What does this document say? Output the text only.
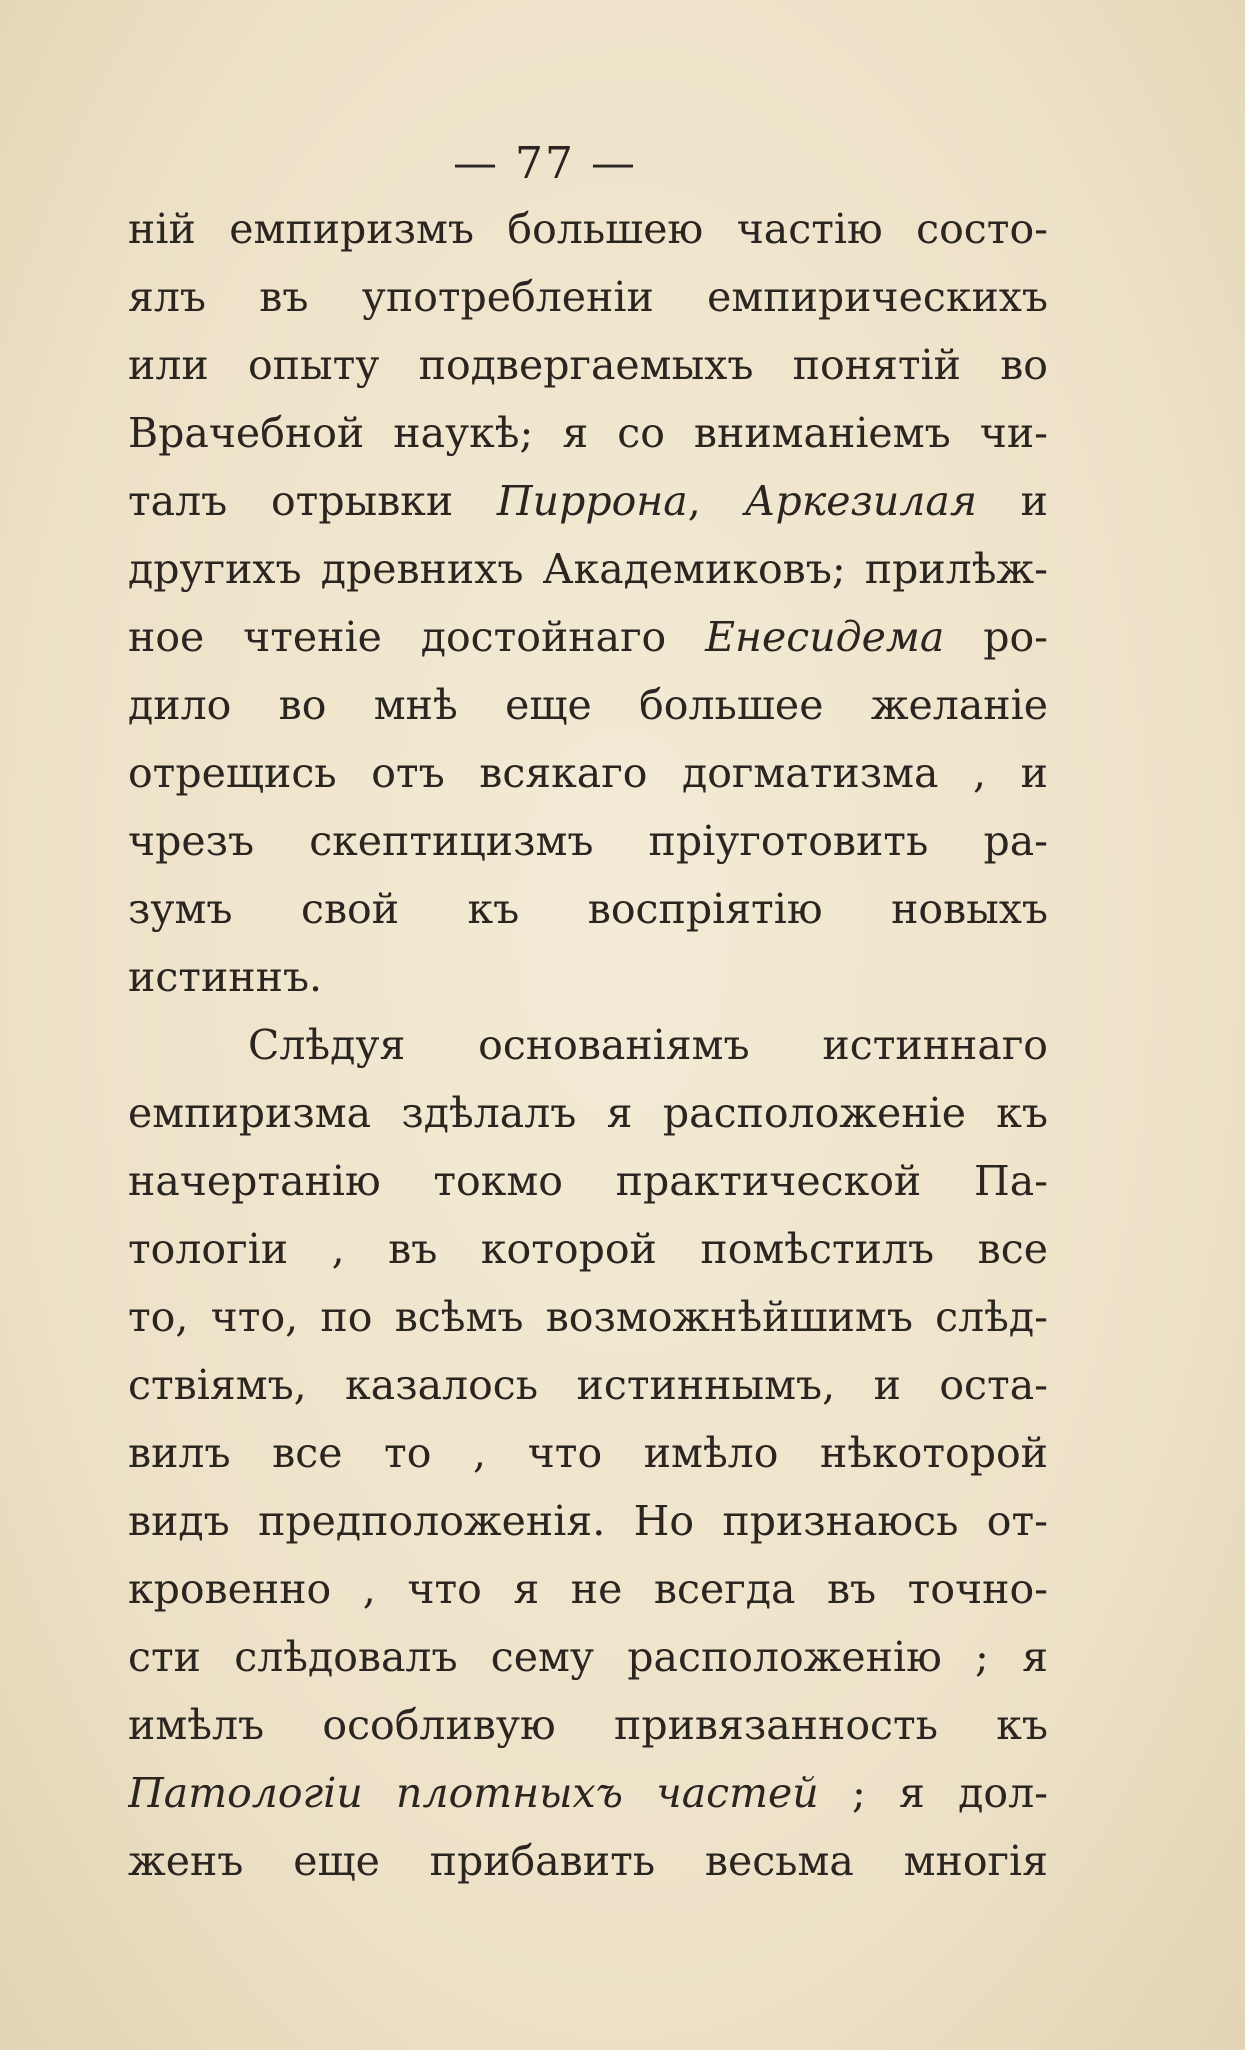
— 77 —
ній емпиризмъ большею частію состо-
ялъ въ употребленіи емпирическихъ
или опыту подвергаемыхъ понятій во
Врачебной наукѣ; я со вниманіемъ чи-
талъ отрывки Пиррона, Аркезилая и
другихъ древнихъ Академиковъ; прилѣж-
ное чтеніе достойнаго Енесидема ро-
дило во мнѣ еще большее желаніе
отрещись отъ всякаго догматизма , и
чрезъ скептицизмъ пріуготовить ра-
зумъ свой къ воспріятію новыхъ
истиннъ.
Слѣдуя основаніямъ истиннаго
емпиризма здѣлалъ я расположеніе къ
начертанію токмо практической Па-
тологіи , въ которой помѣстилъ все
то, что, по всѣмъ возможнѣйшимъ слѣд-
ствіямъ, казалось истиннымъ, и оста-
вилъ все то , что имѣло нѣкоторой
видъ предположенія. Но признаюсь от-
кровенно , что я не всегда въ точно-
сти слѣдовалъ сему расположенію ; я
имѣлъ особливую привязанность къ
Патологіи плотныхъ частей ; я дол-
женъ еще прибавить весьма многія
